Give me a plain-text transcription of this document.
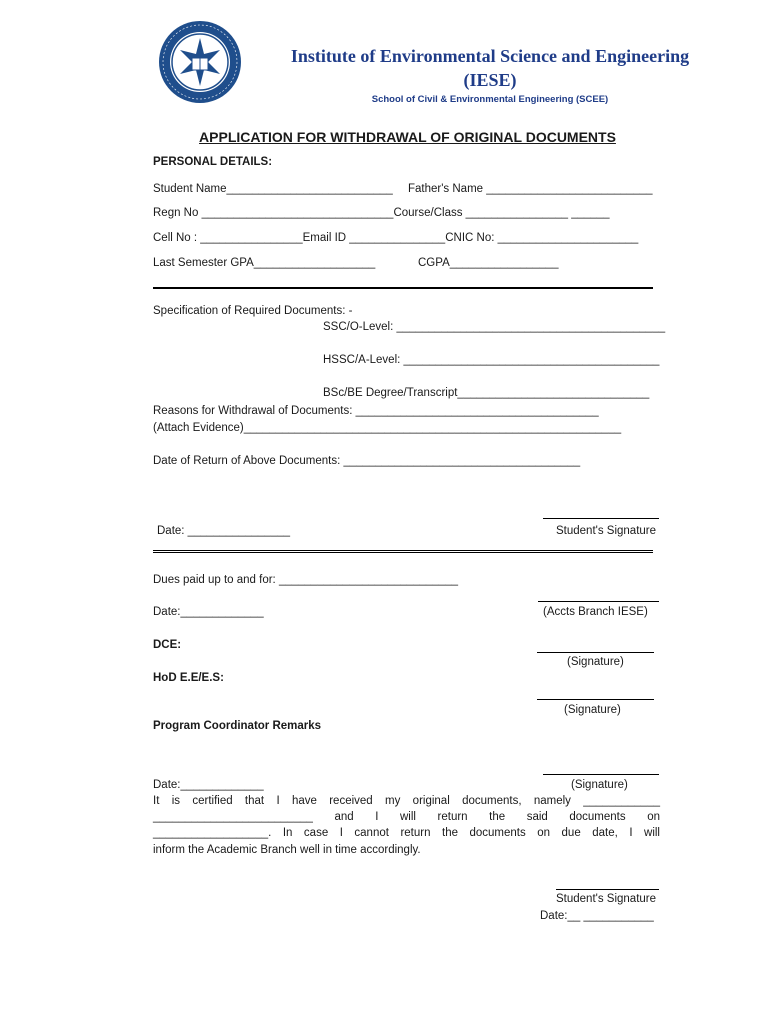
Institute of Environmental Science and Engineering
(IESE)
School of Civil & Environmental Engineering (SCEE)
APPLICATION FOR WITHDRAWAL OF ORIGINAL DOCUMENTS
PERSONAL DETAILS:
Student Name__________________________ Father's Name __________________________
Regn No ______________________________Course/Class ________________ ______
Cell No : ________________Email ID _______________CNIC No: ______________________
Last Semester GPA___________________	CGPA_________________
Specification of Required Documents: -
SSC/O-Level: __________________________________________
HSSC/A-Level: ________________________________________
BSc/BE Degree/Transcript______________________________
Reasons for Withdrawal of Documents: ______________________________________
(Attach Evidence)___________________________________________________________
Date of Return of Above Documents: _____________________________________
Date: ________________	Student's Signature
Dues paid up to and for: ____________________________
Date:_____________	(Accts Branch IESE)
DCE:
(Signature)
HoD E.E/E.S:
(Signature)
Program Coordinator Remarks
Date:_____________	(Signature)
It is certified that I have received my original documents, namely ____________
_________________________ and I will return the said documents on
__________________. In case I cannot return the documents on due date, I will
inform the Academic Branch well in time accordingly.
Student's Signature
Date:__ ___________
